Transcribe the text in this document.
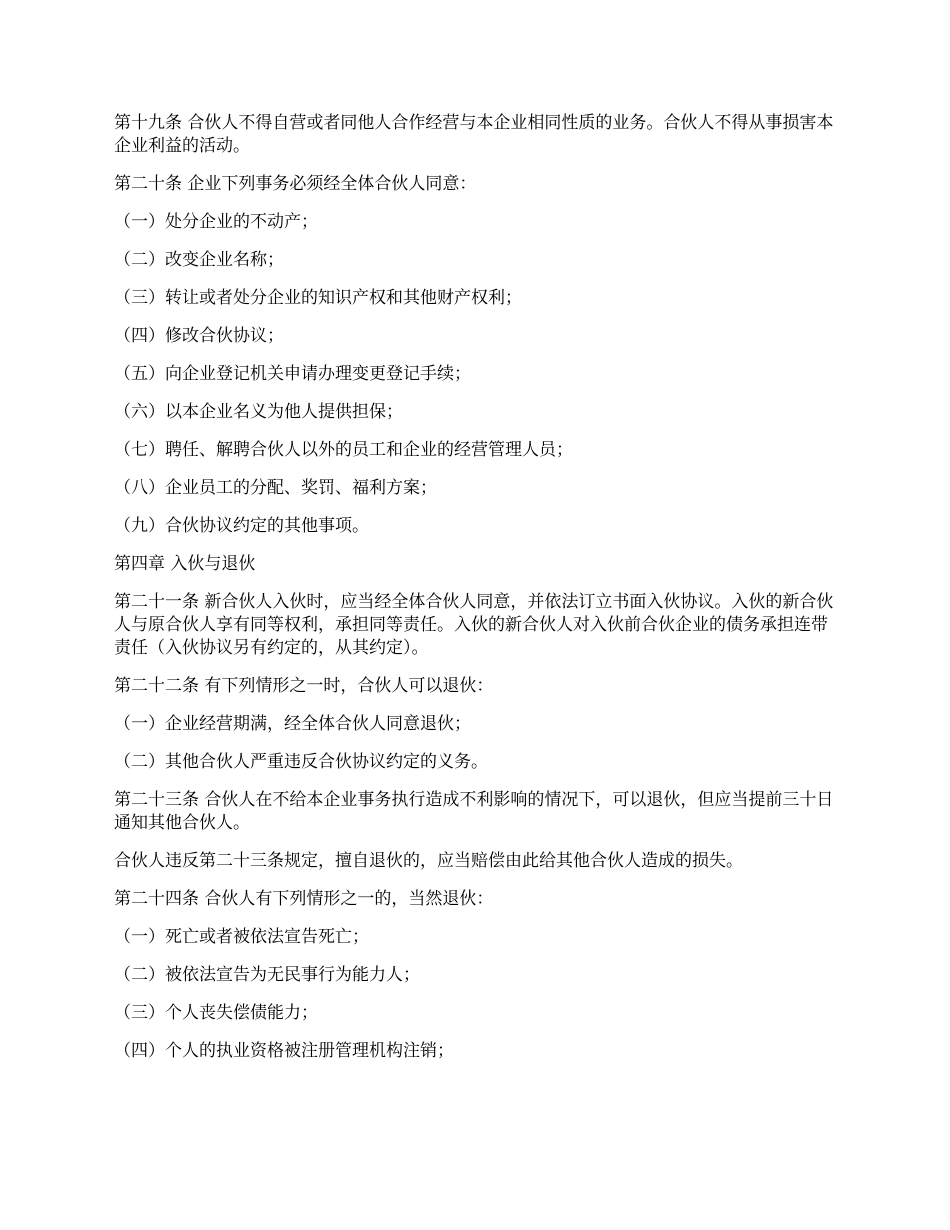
第十九条 合伙人不得自营或者同他人合作经营与本企业相同性质的业务。合伙人不得从事损害本企业利益的活动。

第二十条 企业下列事务必须经全体合伙人同意：

（一）处分企业的不动产；

（二）改变企业名称；

（三）转让或者处分企业的知识产权和其他财产权利；

（四）修改合伙协议；

（五）向企业登记机关申请办理变更登记手续；

（六）以本企业名义为他人提供担保；

（七）聘任、解聘合伙人以外的员工和企业的经营管理人员；

（八）企业员工的分配、奖罚、福利方案；

（九）合伙协议约定的其他事项。

第四章 入伙与退伙

第二十一条 新合伙人入伙时，应当经全体合伙人同意，并依法订立书面入伙协议。入伙的新合伙人与原合伙人享有同等权利，承担同等责任。入伙的新合伙人对入伙前合伙企业的债务承担连带责任（入伙协议另有约定的，从其约定）。

第二十二条 有下列情形之一时，合伙人可以退伙：

（一）企业经营期满，经全体合伙人同意退伙；

（二）其他合伙人严重违反合伙协议约定的义务。

第二十三条 合伙人在不给本企业事务执行造成不利影响的情况下，可以退伙，但应当提前三十日通知其他合伙人。

合伙人违反第二十三条规定，擅自退伙的，应当赔偿由此给其他合伙人造成的损失。

第二十四条 合伙人有下列情形之一的，当然退伙：

（一）死亡或者被依法宣告死亡；

（二）被依法宣告为无民事行为能力人；

（三）个人丧失偿债能力；

（四）个人的执业资格被注册管理机构注销；
